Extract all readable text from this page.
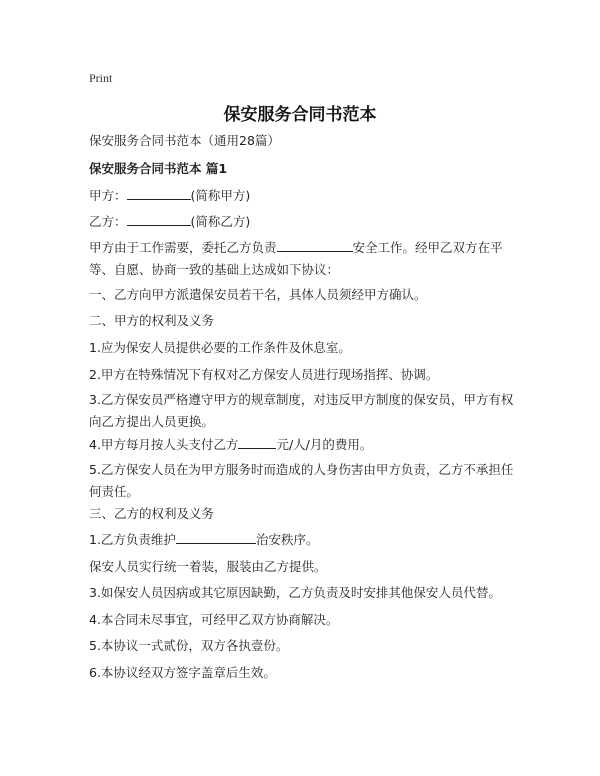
Print
保安服务合同书范本
保安服务合同书范本（通用28篇）
保安服务合同书范本 篇1
甲方：	(简称甲方)
乙方：	(简称乙方)
甲方由于工作需要，委托乙方负责	安全工作。经甲乙双方在平等、自愿、协商一致的基础上达成如下协议：
一、乙方向甲方派遣保安员若干名，具体人员须经甲方确认。
二、甲方的权利及义务
1.应为保安人员提供必要的工作条件及休息室。
2.甲方在特殊情况下有权对乙方保安人员进行现场指挥、协调。
3.乙方保安员严格遵守甲方的规章制度，对违反甲方制度的保安员，甲方有权向乙方提出人员更换。
4.甲方每月按人头支付乙方	元/人/月的费用。
5.乙方保安人员在为甲方服务时而造成的人身伤害由甲方负责，乙方不承担任何责任。
三、乙方的权利及义务
1.乙方负责维护	治安秩序。
保安人员实行统一着装，服装由乙方提供。
3.如保安人员因病或其它原因缺勤，乙方负责及时安排其他保安人员代替。
4.本合同未尽事宜，可经甲乙双方协商解决。
5.本协议一式贰份，双方各执壹份。
6.本协议经双方签字盖章后生效。
